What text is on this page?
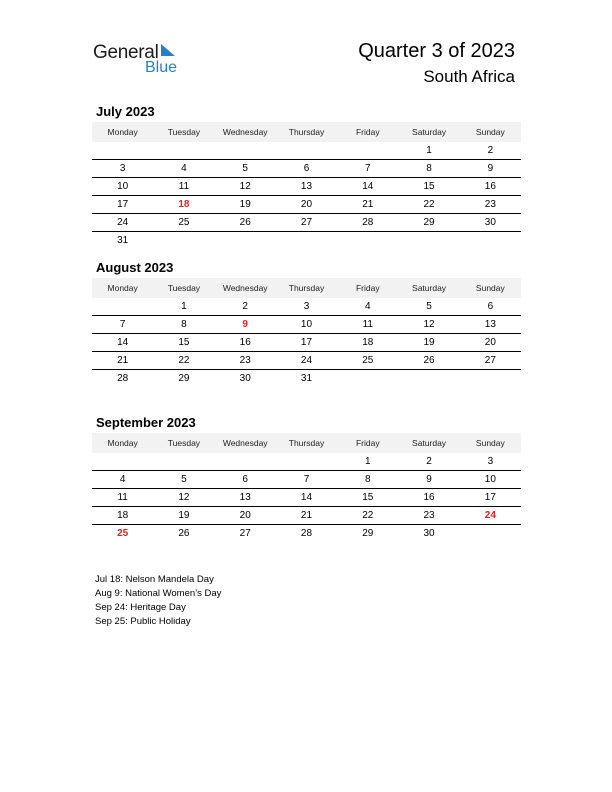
General
Blue
Quarter 3 of 2023
South Africa
July 2023
Monday	Tuesday	Wednesday	Thursday	Friday	Saturday	Sunday
					1	2
3	4	5	6	7	8	9
10	11	12	13	14	15	16
17	18	19	20	21	22	23
24	25	26	27	28	29	30
31						
August 2023
Monday	Tuesday	Wednesday	Thursday	Friday	Saturday	Sunday
	1	2	3	4	5	6
7	8	9	10	11	12	13
14	15	16	17	18	19	20
21	22	23	24	25	26	27
28	29	30	31			
September 2023
Monday	Tuesday	Wednesday	Thursday	Friday	Saturday	Sunday
				1	2	3
4	5	6	7	8	9	10
11	12	13	14	15	16	17
18	19	20	21	22	23	24
25	26	27	28	29	30	
Jul 18: Nelson Mandela Day
Aug 9: National Women’s Day
Sep 24: Heritage Day
Sep 25: Public Holiday
